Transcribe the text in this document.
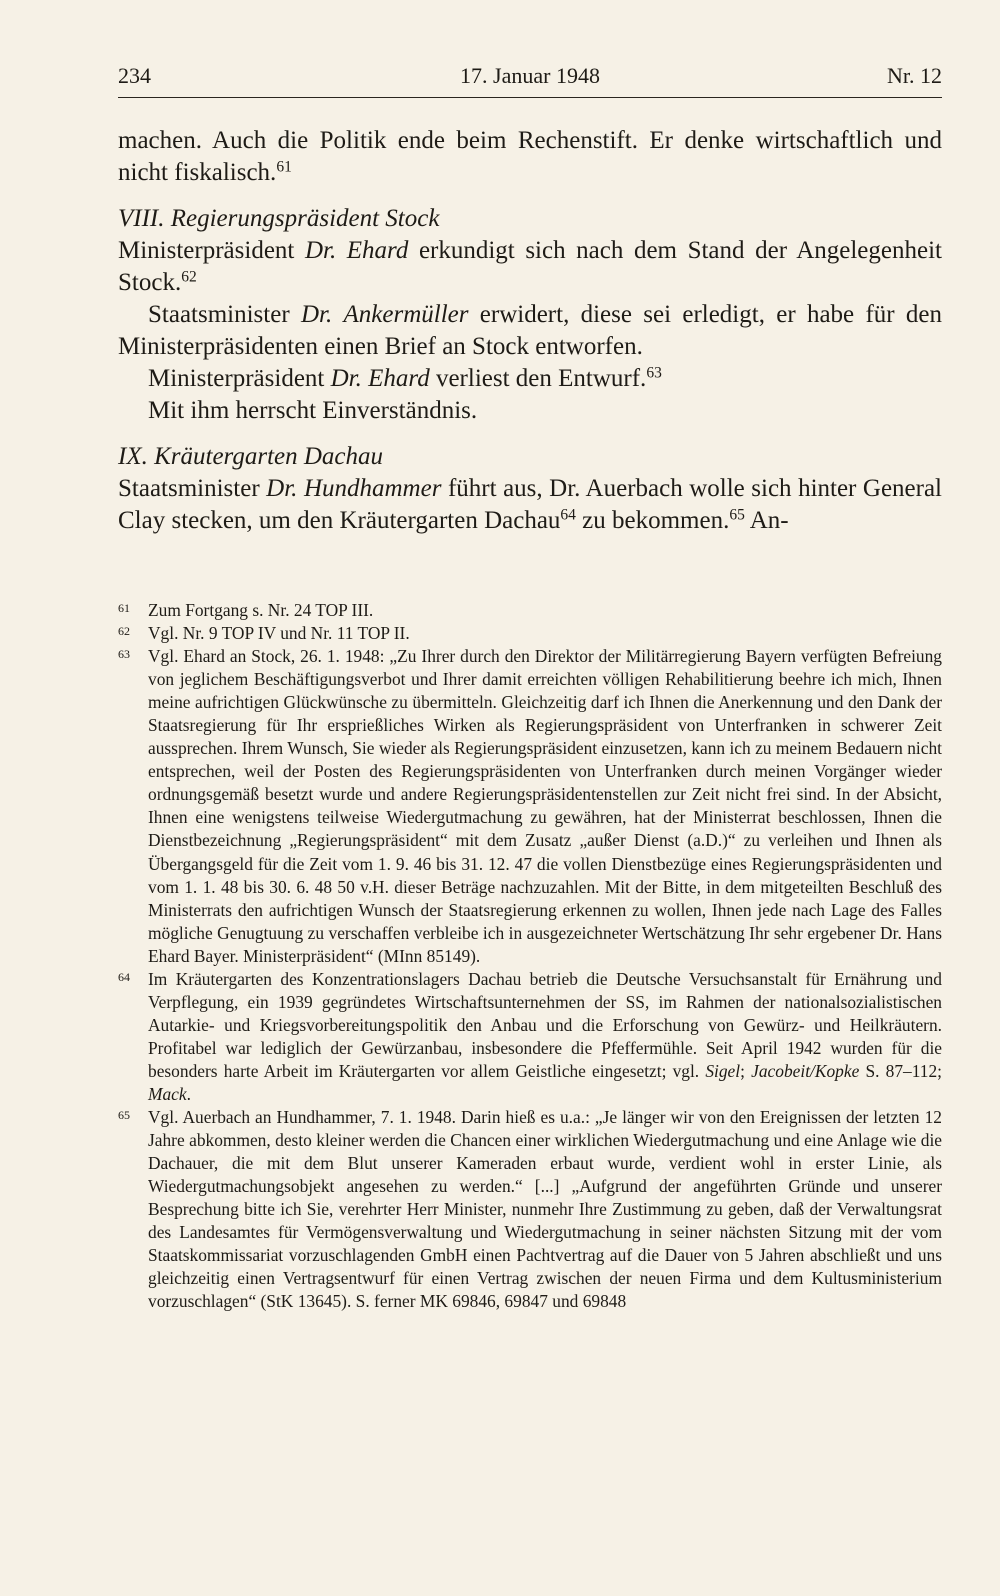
234	17. Januar 1948	Nr. 12

machen. Auch die Politik ende beim Rechenstift. Er denke wirtschaftlich und nicht fiskalisch.$^{61}$

VIII. Regierungspräsident Stock

Ministerpräsident Dr. Ehard erkundigt sich nach dem Stand der Angelegenheit Stock.$^{62}$

Staatsminister Dr. Ankermüller erwidert, diese sei erledigt, er habe für den Ministerpräsidenten einen Brief an Stock entworfen.

Ministerpräsident Dr. Ehard verliest den Entwurf.$^{63}$

Mit ihm herrscht Einverständnis.

IX. Kräutergarten Dachau

Staatsminister Dr. Hundhammer führt aus, Dr. Auerbach wolle sich hinter General Clay stecken, um den Kräutergarten Dachau$^{64}$ zu bekommen.$^{65}$ An-

61 Zum Fortgang s. Nr. 24 TOP III.

62 Vgl. Nr. 9 TOP IV und Nr. 11 TOP II.

63 Vgl. Ehard an Stock, 26. 1. 1948: „Zu Ihrer durch den Direktor der Militärregierung Bayern verfügten Befreiung von jeglichem Beschäftigungsverbot und Ihrer damit erreichten völligen Rehabilitierung beehre ich mich, Ihnen meine aufrichtigen Glückwünsche zu übermitteln. Gleichzeitig darf ich Ihnen die Anerkennung und den Dank der Staatsregierung für Ihr ersprießliches Wirken als Regierungspräsident von Unterfranken in schwerer Zeit aussprechen. Ihrem Wunsch, Sie wieder als Regierungspräsident einzusetzen, kann ich zu meinem Bedauern nicht entsprechen, weil der Posten des Regierungspräsidenten von Unterfranken durch meinen Vorgänger wieder ordnungsgemäß besetzt wurde und andere Regierungspräsidentenstellen zur Zeit nicht frei sind. In der Absicht, Ihnen eine wenigstens teilweise Wiedergutmachung zu gewähren, hat der Ministerrat beschlossen, Ihnen die Dienstbezeichnung „Regierungspräsident“ mit dem Zusatz „außer Dienst (a.D.)“ zu verleihen und Ihnen als Übergangsgeld für die Zeit vom 1. 9. 46 bis 31. 12. 47 die vollen Dienstbezüge eines Regierungspräsidenten und vom 1. 1. 48 bis 30. 6. 48 50 v.H. dieser Beträge nachzuzahlen. Mit der Bitte, in dem mitgeteilten Beschluß des Ministerrats den aufrichtigen Wunsch der Staatsregierung erkennen zu wollen, Ihnen jede nach Lage des Falles mögliche Genugtuung zu verschaffen verbleibe ich in ausgezeichneter Wertschätzung Ihr sehr ergebener Dr. Hans Ehard Bayer. Ministerpräsident“ (MInn 85149).

64 Im Kräutergarten des Konzentrationslagers Dachau betrieb die Deutsche Versuchsanstalt für Ernährung und Verpflegung, ein 1939 gegründetes Wirtschaftsunternehmen der SS, im Rahmen der nationalsozialistischen Autarkie- und Kriegsvorbereitungspolitik den Anbau und die Erforschung von Gewürz- und Heilkräutern. Profitabel war lediglich der Gewürzanbau, insbesondere die Pfeffermühle. Seit April 1942 wurden für die besonders harte Arbeit im Kräutergarten vor allem Geistliche eingesetzt; vgl. Sigel; Jacobeit/Kopke S. 87–112; Mack.

65 Vgl. Auerbach an Hundhammer, 7. 1. 1948. Darin hieß es u.a.: „Je länger wir von den Ereignissen der letzten 12 Jahre abkommen, desto kleiner werden die Chancen einer wirklichen Wiedergutmachung und eine Anlage wie die Dachauer, die mit dem Blut unserer Kameraden erbaut wurde, verdient wohl in erster Linie, als Wiedergutmachungsobjekt angesehen zu werden.“ [...] „Aufgrund der angeführten Gründe und unserer Besprechung bitte ich Sie, verehrter Herr Minister, nunmehr Ihre Zustimmung zu geben, daß der Verwaltungsrat des Landesamtes für Vermögensverwaltung und Wiedergutmachung in seiner nächsten Sitzung mit der vom Staatskommissariat vorzuschlagenden GmbH einen Pachtvertrag auf die Dauer von 5 Jahren abschließt und uns gleichzeitig einen Vertragsentwurf für einen Vertrag zwischen der neuen Firma und dem Kultusministerium vorzuschlagen“ (StK 13645). S. ferner MK 69846, 69847 und 69848
